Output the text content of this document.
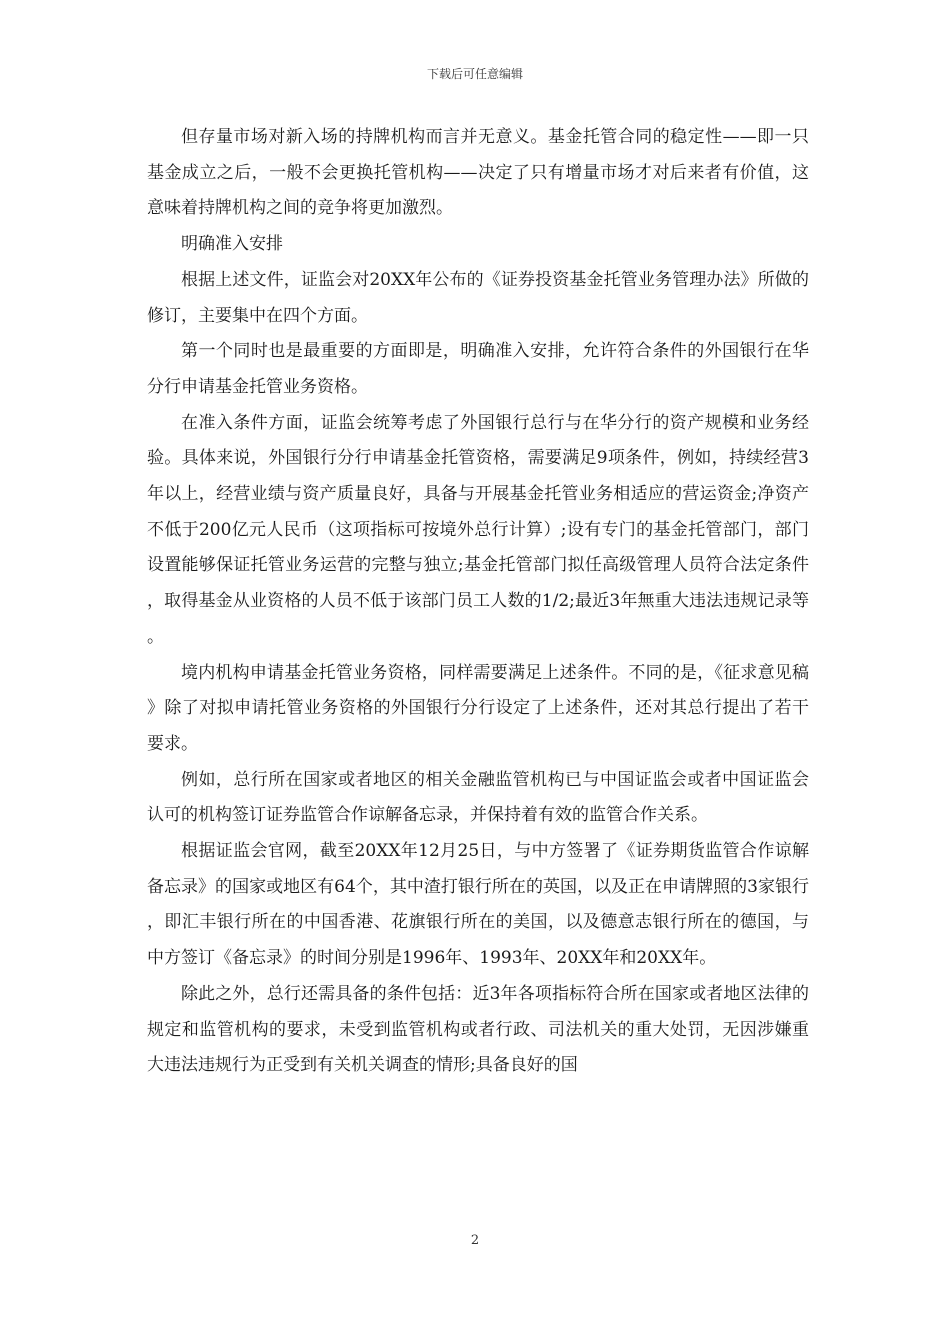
下载后可任意编辑

但存量市场对新入场的持牌机构而言并无意义。基金托管合同的稳定性——即一只基金成立之后，一般不会更换托管机构——决定了只有增量市场才对后来者有价值，这意味着持牌机构之间的竞争将更加激烈。

明确准入安排

根据上述文件，证监会对20XX年公布的《证券投资基金托管业务管理办法》所做的修订，主要集中在四个方面。

第一个同时也是最重要的方面即是，明确准入安排，允许符合条件的外国银行在华分行申请基金托管业务资格。

在准入条件方面，证监会统筹考虑了外国银行总行与在华分行的资产规模和业务经验。具体来说，外国银行分行申请基金托管资格，需要满足9项条件，例如，持续经营3年以上，经营业绩与资产质量良好，具备与开展基金托管业务相适应的营运资金;净资产不低于200亿元人民币（这项指标可按境外总行计算）;设有专门的基金托管部门，部门设置能够保证托管业务运营的完整与独立;基金托管部门拟任高级管理人员符合法定条件，取得基金从业资格的人员不低于该部门员工人数的1/2;最近3年無重大违法违规记录等。

境内机构申请基金托管业务资格，同样需要满足上述条件。不同的是，《征求意见稿》除了对拟申请托管业务资格的外国银行分行设定了上述条件，还对其总行提出了若干要求。

例如，总行所在国家或者地区的相关金融监管机构已与中国证监会或者中国证监会认可的机构签订证券监管合作谅解备忘录，并保持着有效的监管合作关系。

根据证监会官网，截至20XX年12月25日，与中方签署了《证券期货监管合作谅解备忘录》的国家或地区有64个，其中渣打银行所在的英国，以及正在申请牌照的3家银行，即汇丰银行所在的中国香港、花旗银行所在的美国，以及德意志银行所在的德国，与中方签订《备忘录》的时间分别是1996年、1993年、20XX年和20XX年。

除此之外，总行还需具备的条件包括：近3年各项指标符合所在国家或者地区法律的规定和监管机构的要求，未受到监管机构或者行政、司法机关的重大处罚，无因涉嫌重大违法违规行为正受到有关机关调查的情形;具备良好的国

2
